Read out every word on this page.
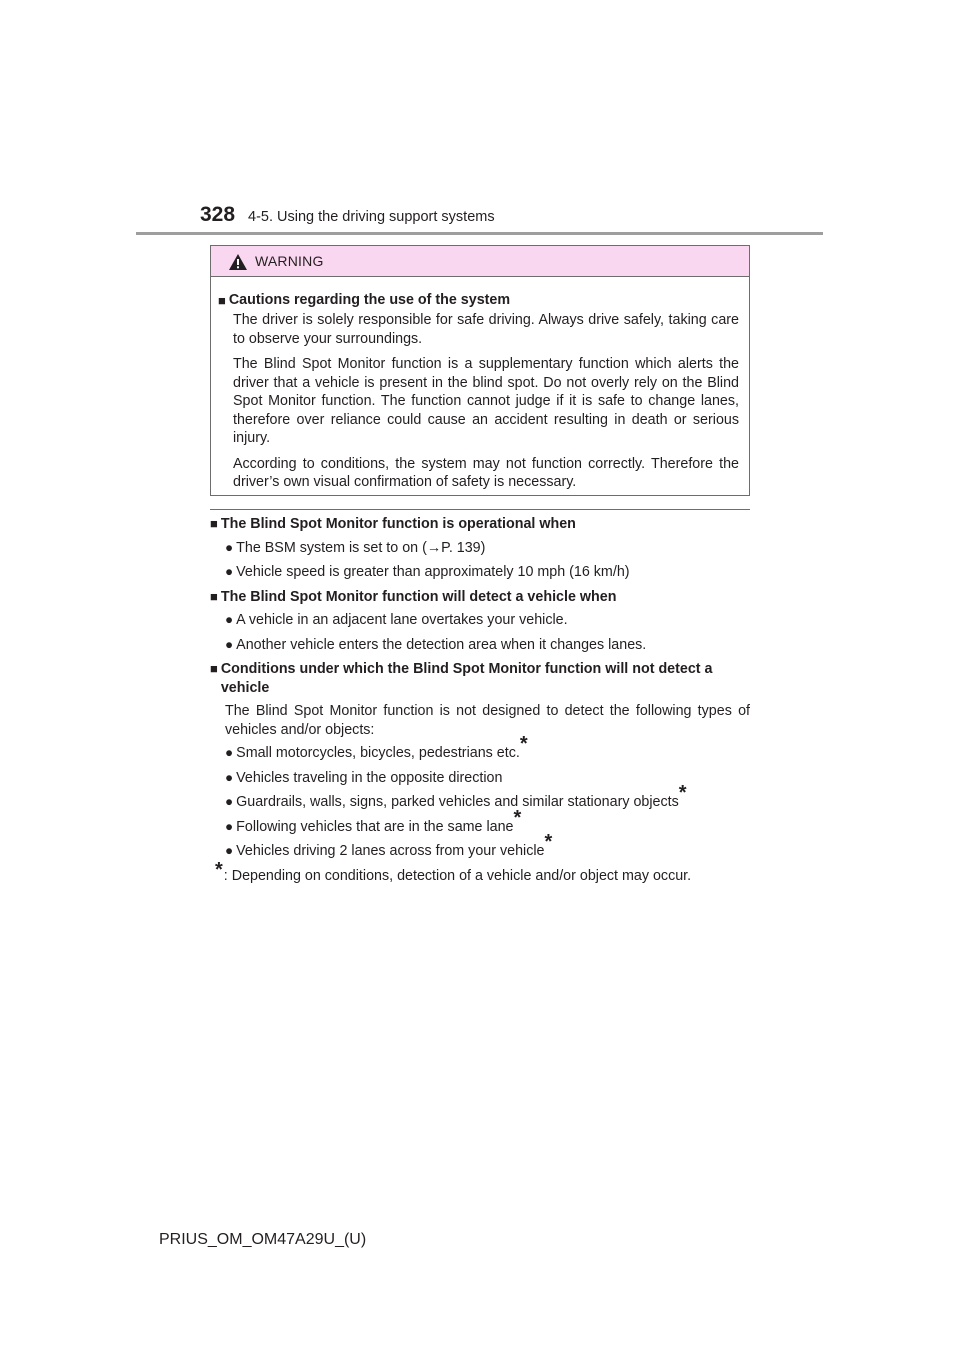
328 4-5. Using the driving support systems
WARNING
■ Cautions regarding the use of the system

The driver is solely responsible for safe driving. Always drive safely, taking care to observe your surroundings.

The Blind Spot Monitor function is a supplementary function which alerts the driver that a vehicle is present in the blind spot. Do not overly rely on the Blind Spot Monitor function. The function cannot judge if it is safe to change lanes, therefore over reliance could cause an accident resulting in death or serious injury.

According to conditions, the system may not function correctly. Therefore the driver’s own visual confirmation of safety is necessary.

■ The Blind Spot Monitor function is operational when
● The BSM system is set to on (→P. 139)
● Vehicle speed is greater than approximately 10 mph (16 km/h)
■ The Blind Spot Monitor function will detect a vehicle when
● A vehicle in an adjacent lane overtakes your vehicle.
● Another vehicle enters the detection area when it changes lanes.
■ Conditions under which the Blind Spot Monitor function will not detect a vehicle

The Blind Spot Monitor function is not designed to detect the following types of vehicles and/or objects:

● Small motorcycles, bicycles, pedestrians etc.*
● Vehicles traveling in the opposite direction
● Guardrails, walls, signs, parked vehicles and similar stationary objects*
● Following vehicles that are in the same lane*
● Vehicles driving 2 lanes across from your vehicle*
*: Depending on conditions, detection of a vehicle and/or object may occur.
PRIUS_OM_OM47A29U_(U)
